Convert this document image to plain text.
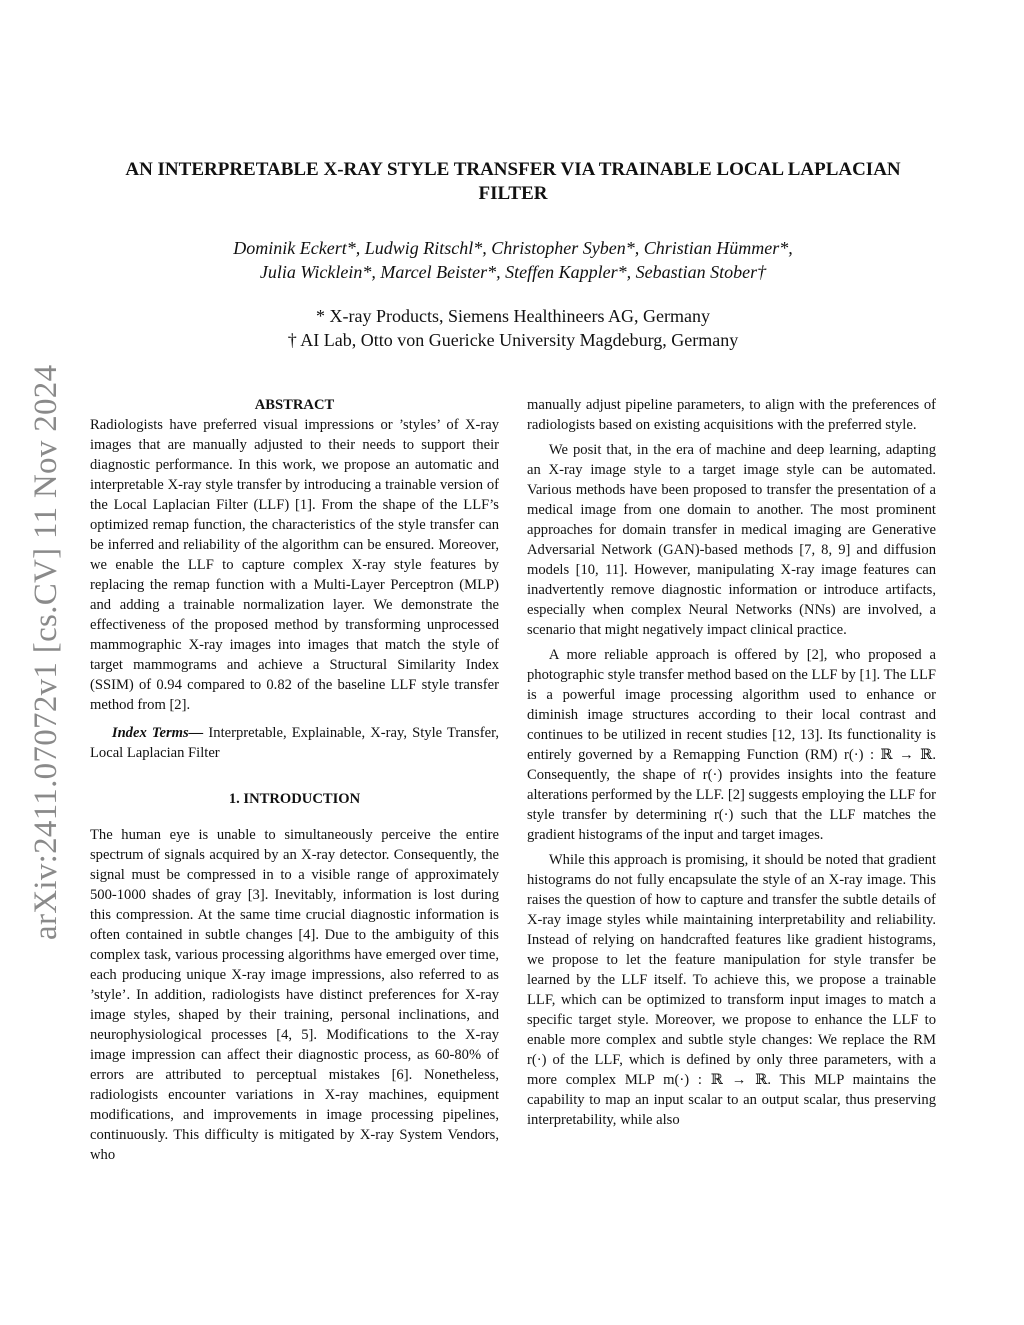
arXiv:2411.07072v1 [cs.CV] 11 Nov 2024
AN INTERPRETABLE X-RAY STYLE TRANSFER VIA TRAINABLE LOCAL LAPLACIAN FILTER
Dominik Eckert*, Ludwig Ritschl*, Christopher Syben*, Christian Hümmer*,
Julia Wicklein*, Marcel Beister*, Steffen Kappler*, Sebastian Stober†
* X-ray Products, Siemens Healthineers AG, Germany
† AI Lab, Otto von Guericke University Magdeburg, Germany
ABSTRACT

Radiologists have preferred visual impressions or ’styles’ of X-ray images that are manually adjusted to their needs to support their diagnostic performance. In this work, we propose an automatic and interpretable X-ray style transfer by introducing a trainable version of the Local Laplacian Filter (LLF) [1]. From the shape of the LLF’s optimized remap function, the characteristics of the style transfer can be inferred and reliability of the algorithm can be ensured. Moreover, we enable the LLF to capture complex X-ray style features by replacing the remap function with a Multi-Layer Perceptron (MLP) and adding a trainable normalization layer. We demonstrate the effectiveness of the proposed method by transforming unprocessed mammographic X-ray images into images that match the style of target mammograms and achieve a Structural Similarity Index (SSIM) of 0.94 compared to 0.82 of the baseline LLF style transfer method from [2].

Index Terms— Interpretable, Explainable, X-ray, Style Transfer, Local Laplacian Filter

1. INTRODUCTION

The human eye is unable to simultaneously perceive the entire spectrum of signals acquired by an X-ray detector. Consequently, the signal must be compressed in to a visible range of approximately 500-1000 shades of gray [3]. Inevitably, information is lost during this compression. At the same time crucial diagnostic information is often contained in subtle changes [4]. Due to the ambiguity of this complex task, various processing algorithms have emerged over time, each producing unique X-ray image impressions, also referred to as ’style’. In addition, radiologists have distinct preferences for X-ray image styles, shaped by their training, personal inclinations, and neurophysiological processes [4, 5]. Modifications to the X-ray image impression can affect their diagnostic process, as 60-80% of errors are attributed to perceptual mistakes [6]. Nonetheless, radiologists encounter variations in X-ray machines, equipment modifications, and improvements in image processing pipelines, continuously. This difficulty is mitigated by X-ray System Vendors, who

manually adjust pipeline parameters, to align with the preferences of radiologists based on existing acquisitions with the preferred style.

We posit that, in the era of machine and deep learning, adapting an X-ray image style to a target image style can be automated. Various methods have been proposed to transfer the presentation of a medical image from one domain to another. The most prominent approaches for domain transfer in medical imaging are Generative Adversarial Network (GAN)-based methods [7, 8, 9] and diffusion models [10, 11]. However, manipulating X-ray image features can inadvertently remove diagnostic information or introduce artifacts, especially when complex Neural Networks (NNs) are involved, a scenario that might negatively impact clinical practice.

A more reliable approach is offered by [2], who proposed a photographic style transfer method based on the LLF by [1]. The LLF is a powerful image processing algorithm used to enhance or diminish image structures according to their local contrast and continues to be utilized in recent studies [12, 13]. Its functionality is entirely governed by a Remapping Function (RM) r(·) : ℝ → ℝ. Consequently, the shape of r(·) provides insights into the feature alterations performed by the LLF. [2] suggests employing the LLF for style transfer by determining r(·) such that the LLF matches the gradient histograms of the input and target images.

While this approach is promising, it should be noted that gradient histograms do not fully encapsulate the style of an X-ray image. This raises the question of how to capture and transfer the subtle details of X-ray image styles while maintaining interpretability and reliability. Instead of relying on handcrafted features like gradient histograms, we propose to let the feature manipulation for style transfer be learned by the LLF itself. To achieve this, we propose a trainable LLF, which can be optimized to transform input images to match a specific target style. Moreover, we propose to enhance the LLF to enable more complex and subtle style changes: We replace the RM r(·) of the LLF, which is defined by only three parameters, with a more complex MLP m(·) : ℝ → ℝ. This MLP maintains the capability to map an input scalar to an output scalar, thus preserving interpretability, while also
